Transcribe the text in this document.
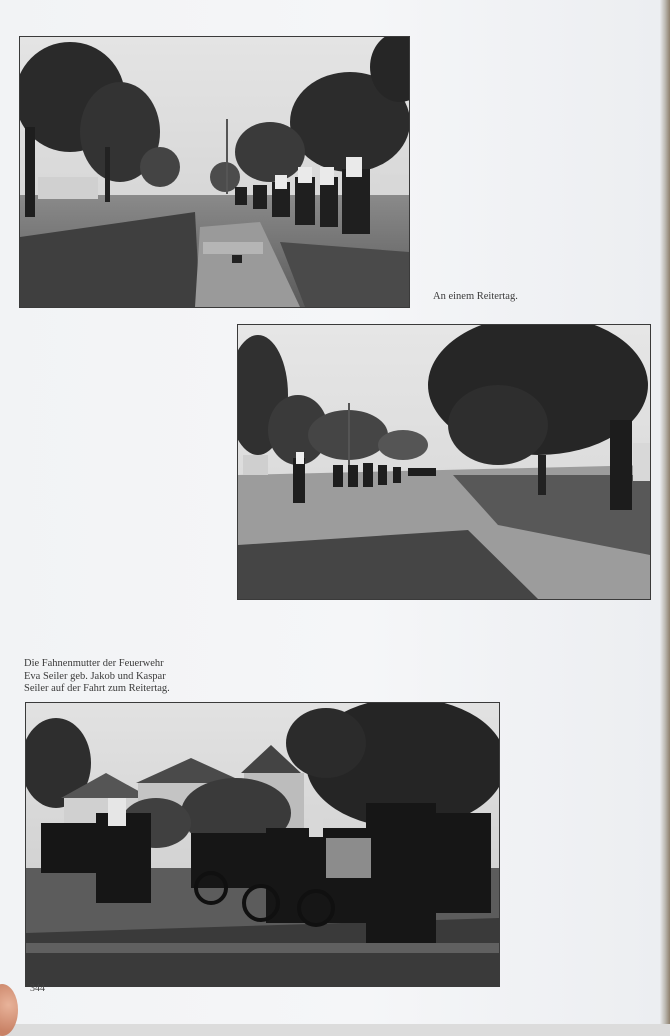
An einem Reitertag.
Die Fahnenmutter der Feuerwehr
Eva Seiler geb. Jakob und Kaspar
Seiler auf der Fahrt zum Reitertag.
344
